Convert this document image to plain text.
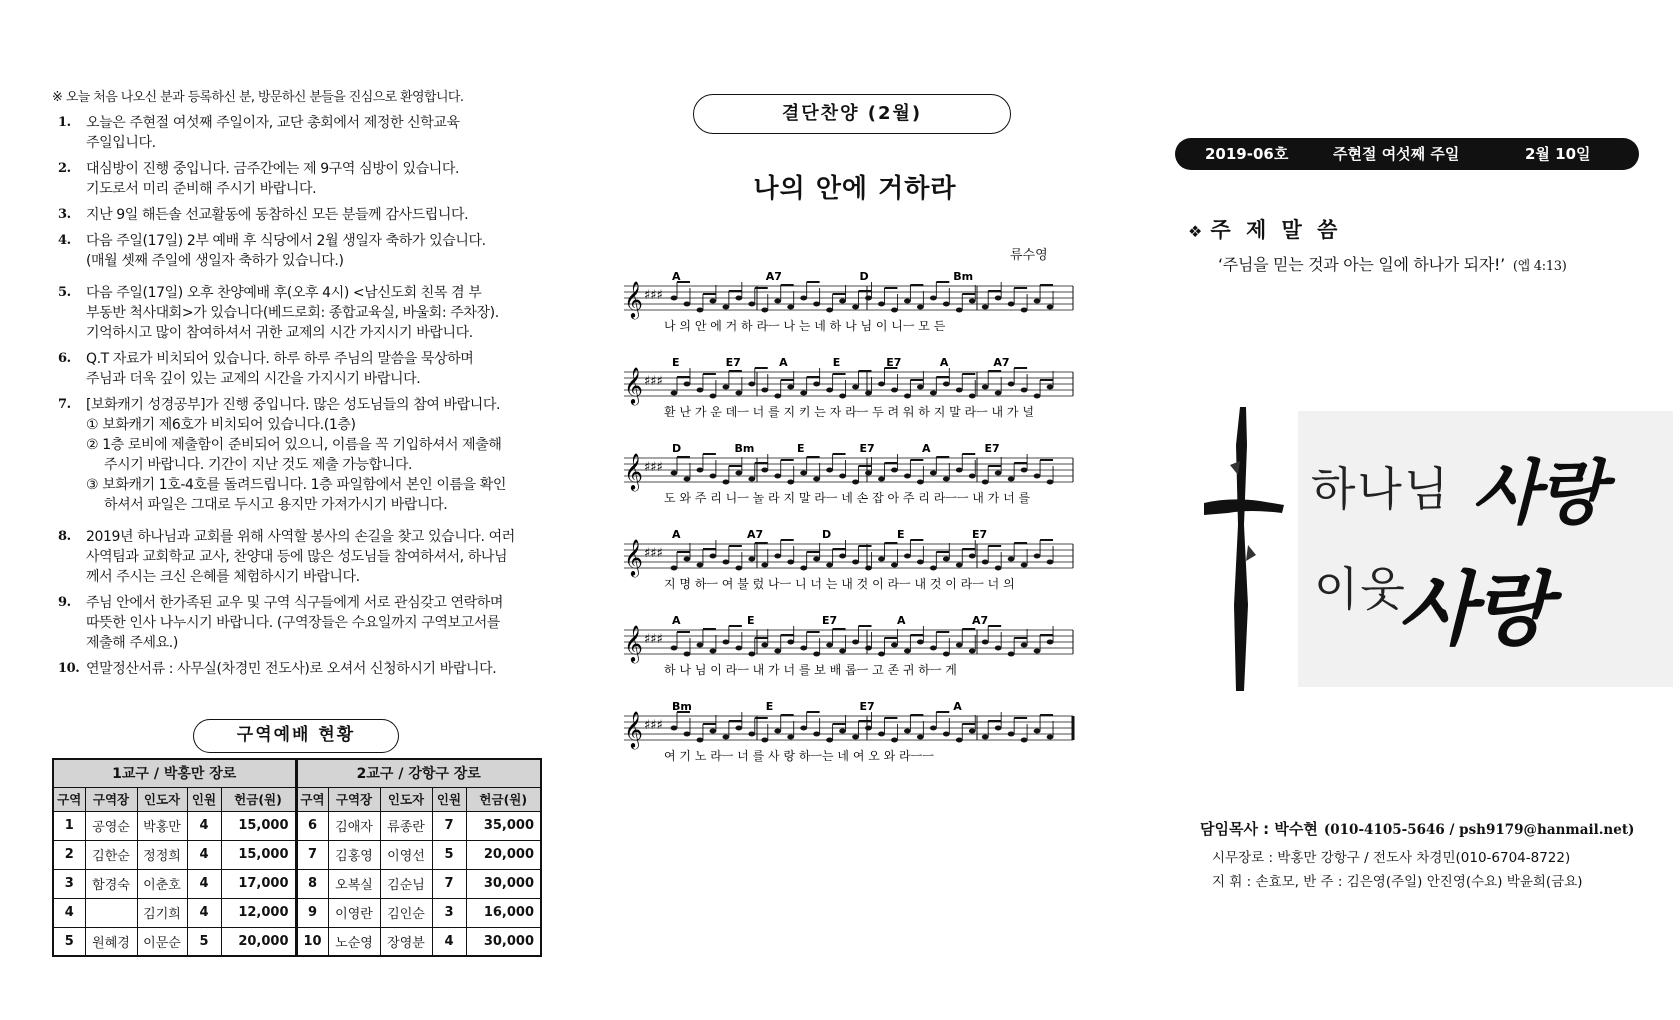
※ 오늘 처음 나오신 분과 등록하신 분, 방문하신 분들을 진심으로 환영합니다.
1. 오늘은 주현절 여섯째 주일이자, 교단 총회에서 제정한 신학교육
주일입니다.
2. 대심방이 진행 중입니다. 금주간에는 제 9구역 심방이 있습니다.
기도로서 미리 준비해 주시기 바랍니다.
3. 지난 9일 해든솔 선교활동에 동참하신 모든 분들께 감사드립니다.
4. 다음 주일(17일) 2부 예배 후 식당에서 2월 생일자 축하가 있습니다.
(매월 셋째 주일에 생일자 축하가 있습니다.)
5. 다음 주일(17일) 오후 찬양예배 후(오후 4시) <남신도회 친목 겸 부
부동반 척사대회>가 있습니다(베드로회: 종합교육실, 바울회: 주차장).
기억하시고 많이 참여하셔서 귀한 교제의 시간 가지시기 바랍니다.
6. Q.T 자료가 비치되어 있습니다. 하루 하루 주님의 말씀을 묵상하며
주님과 더욱 깊이 있는 교제의 시간을 가지시기 바랍니다.
7. [보화캐기 성경공부]가 진행 중입니다. 많은 성도님들의 참여 바랍니다.
① 보화캐기 제6호가 비치되어 있습니다.(1층)
② 1층 로비에 제출함이 준비되어 있으니, 이름을 꼭 기입하셔서 제출해
주시기 바랍니다. 기간이 지난 것도 제출 가능합니다.
③ 보화캐기 1호-4호를 돌려드립니다. 1층 파일함에서 본인 이름을 확인
하셔서 파일은 그대로 두시고 용지만 가져가시기 바랍니다.
8. 2019년 하나님과 교회를 위해 사역할 봉사의 손길을 찾고 있습니다. 여러
사역팀과 교회학교 교사, 찬양대 등에 많은 성도님들 참여하셔서, 하나님
께서 주시는 크신 은혜를 체험하시기 바랍니다.
9. 주님 안에서 한가족된 교우 및 구역 식구들에게 서로 관심갖고 연락하며
따뜻한 인사 나누시기 바랍니다. (구역장들은 수요일까지 구역보고서를
제출해 주세요.)
10. 연말정산서류 : 사무실(차경민 전도사)로 오셔서 신청하시기 바랍니다.
구역예배 현황
1교구 / 박홍만 장로					2교구 / 강항구 장로				
구역	구역장	인도자	인원	헌금(원)	구역	구역장	인도자	인원	헌금(원)
1	공영순	박홍만	4	15,000	6	김애자	류종란	7	35,000
2	김한순	정정희	4	15,000	7	김홍영	이영선	5	20,000
3	함경숙	이춘호	4	17,000	8	오복실	김순님	7	30,000
4		김기희	4	12,000	9	이영란	김인순	3	16,000
5	원혜경	이문순	5	20,000	10	노순영	장영분	4	30,000
결단찬양 (2월)
나의 안에 거하라
류수영
𝄞 ♯♯♯
A	A7	D	Bm
나 의 안 에 거 하 라ㅡ 나 는 네 하 나 님 이 니ㅡ 모 든
𝄞 ♯♯♯
E	E7	A	E	E7	A	A7
환 난 가 운 데ㅡ 너 를 지 키 는 자 라ㅡ 두 려 워 하 지 말 라ㅡ 내 가 널
𝄞 ♯♯♯
D	Bm	E	E7	A	E7
도 와 주 리 니ㅡ 놀 라 지 말 라ㅡ 네 손 잡 아 주 리 라ㅡㅡ 내 가 너 를
𝄞 ♯♯♯
A	A7	D	E	E7
지 명 하ㅡ 여 불 렀 나ㅡ 니 너 는 내 것 이 라ㅡ 내 것 이 라ㅡ 너 의
𝄞 ♯♯♯
A	E	E7	A	A7
하 나 님 이 라ㅡ 내 가 너 를 보 배 롭ㅡ 고 존 귀 하ㅡ 게
𝄞 ♯♯♯
Bm	E	E7	A
여 기 노 라ㅡ 너 를 사 랑 하ㅡ는 네 여 오 와 라ㅡㅡ
2019-06호	주현절 여섯째 주일	2월 10일
❖ 주 제 말 씀
‘주님을 믿는 것과 아는 일에 하나가 되자!’ (엡 4:13)
하나님 사랑
이웃
사랑
담임목사 : 박수현 (010-4105-5646 / psh9179@hanmail.net)
시무장로 : 박홍만 강항구 / 전도사 차경민(010-6704-8722)
지 휘 : 손효모, 반 주 : 김은영(주일) 안진영(수요) 박윤희(금요)
